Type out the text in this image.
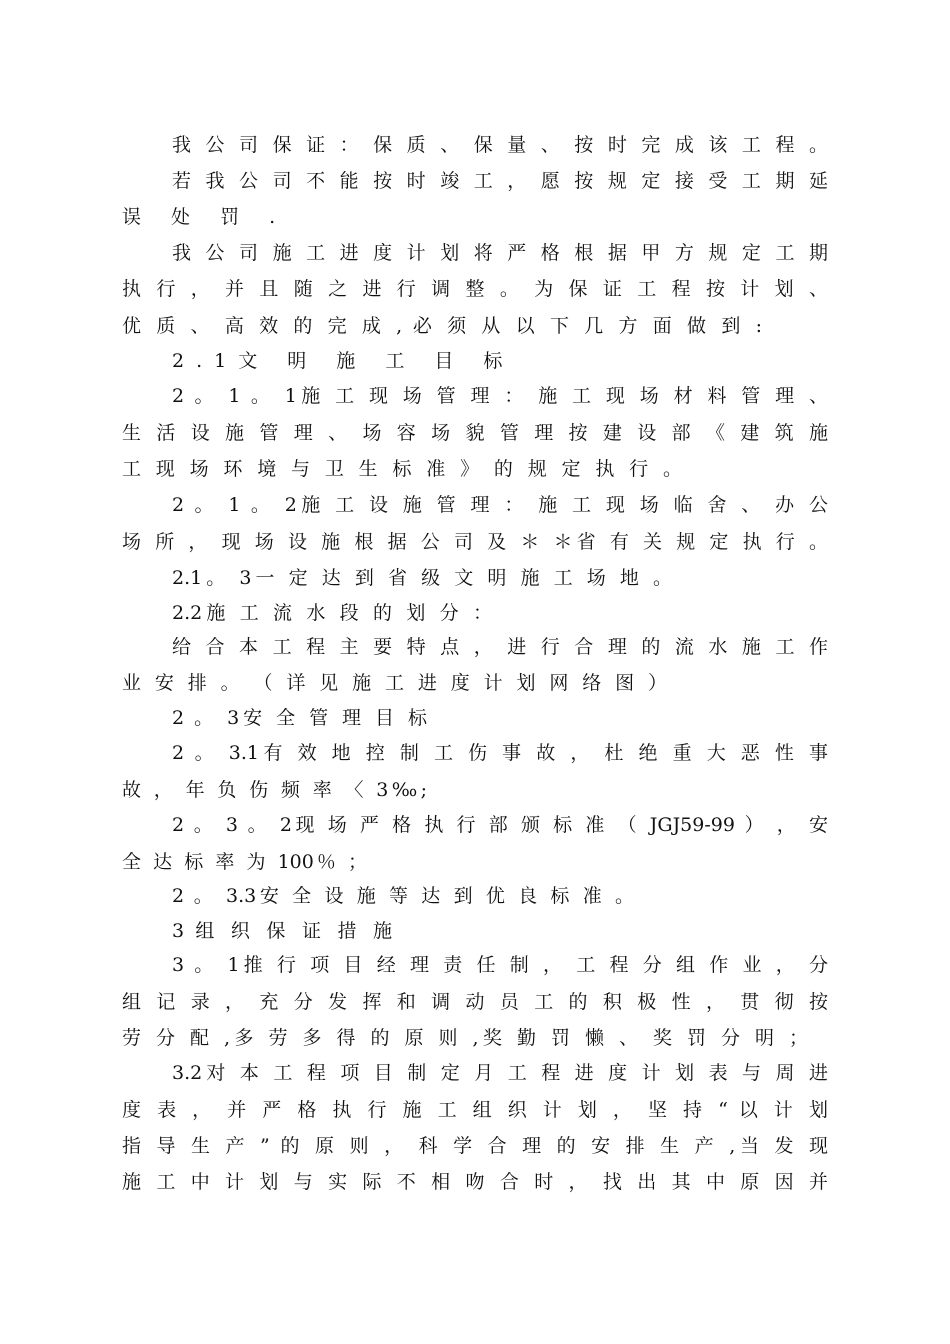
我 公 司 保 证 ： 保 质 、 保 量 、 按 时 完 成 该 工 程 。
若 我 公 司 不 能 按 时 竣 工 ， 愿 按 规 定 接 受 工 期 延
误 处 罚 .
我 公 司 施 工 进 度 计 划 将 严 格 根 据 甲 方 规 定 工 期
执 行 ， 并 且 随 之 进 行 调 整 。 为 保 证 工 程 按 计 划 、
优 质 、 高 效 的 完 成 , 必 须 从 以 下 几 方 面 做 到 :
2.1文 明 施 工 目 标
2 。 1 。 1施 工 现 场 管 理 ： 施 工 现 场 材 料 管 理 、
生 活 设 施 管 理 、 场 容 场 貌 管 理 按 建 设 部 《 建 筑 施
工 现 场 环 境 与 卫 生 标 准 》 的 规 定 执 行 。
2 。 1 。 2施 工 设 施 管 理 ： 施 工 现 场 临 舍 、 办 公
场 所 ， 现 场 设 施 根 据 公 司 及 ＊ ＊省 有 关 规 定 执 行 。
2.1。 3一 定 达 到 省 级 文 明 施 工 场 地 。
2.2施 工 流 水 段 的 划 分 ：
给 合 本 工 程 主 要 特 点 ， 进 行 合 理 的 流 水 施 工 作
业 安 排 。 （ 详 见 施 工 进 度 计 划 网 络 图 ）
2 。 3安 全 管 理 目 标
2 。 3.1有 效 地 控 制 工 伤 事 故 ， 杜 绝 重 大 恶 性 事
故 ， 年 负 伤 频 率 〈 3‰;
2 。 3 。 2现 场 严 格 执 行 部 颁 标 准 （ JGJ59-99 ） ， 安
全 达 标 率 为 100％ ；
2 。 3.3安 全 设 施 等 达 到 优 良 标 准 。
3 组 织 保 证 措 施
3 。 1推 行 项 目 经 理 责 任 制 ， 工 程 分 组 作 业 ， 分
组 记 录 ， 充 分 发 挥 和 调 动 员 工 的 积 极 性 ， 贯 彻 按
劳 分 配 ,多 劳 多 得 的 原 则 ,奖 勤 罚 懒 、 奖 罚 分 明 ；
3.2对 本 工 程 项 目 制 定 月 工 程 进 度 计 划 表 与 周 进
度 表 ， 并 严 格 执 行 施 工 组 织 计 划 ， 坚 持 “ 以 计 划
指 导 生 产 ” 的 原 则 ， 科 学 合 理 的 安 排 生 产 ,当 发 现
施 工 中 计 划 与 实 际 不 相 吻 合 时 ， 找 出 其 中 原 因 并
